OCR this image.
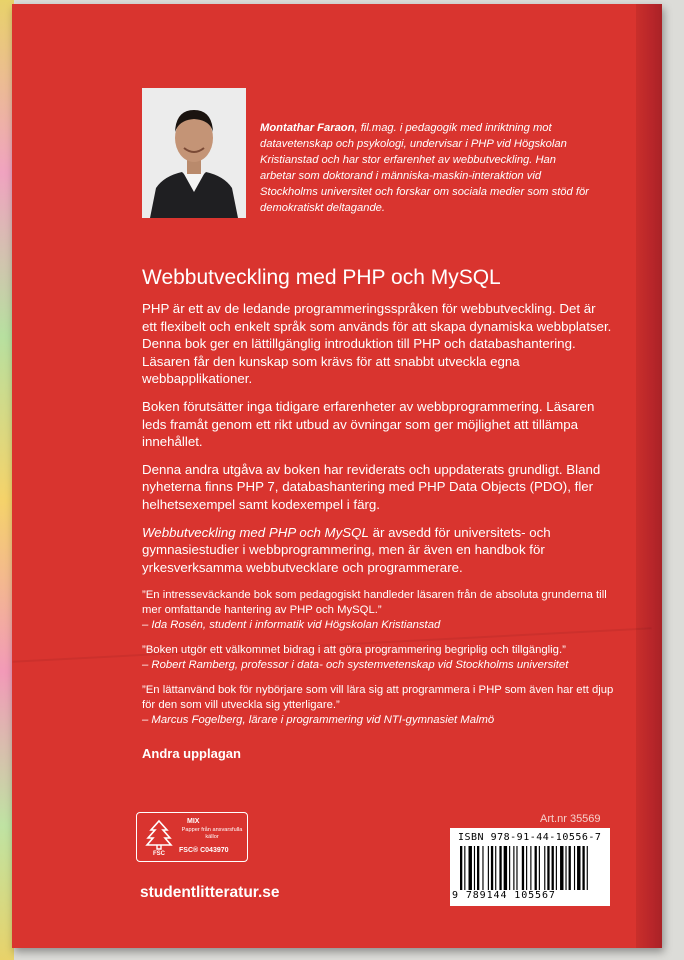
Montathar Faraon, fil.mag. i pedagogik med inriktning mot datavetenskap och psykologi, undervisar i PHP vid Högskolan Kristianstad och har stor erfarenhet av webbutveckling. Han arbetar som doktorand i människa-maskin-interaktion vid Stockholms universitet och forskar om sociala medier som stöd för demokratiskt deltagande.
Webbutveckling med PHP och MySQL

PHP är ett av de ledande programmeringsspråken för webbutveckling. Det är ett flexibelt och enkelt språk som används för att skapa dynamiska webbplatser. Denna bok ger en lättillgänglig introduktion till PHP och databashantering. Läsaren får den kunskap som krävs för att snabbt utveckla egna webbapplikationer.

Boken förutsätter inga tidigare erfarenheter av webbprogrammering. Läsaren leds framåt genom ett rikt utbud av övningar som ger möjlighet att tillämpa innehållet.

Denna andra utgåva av boken har reviderats och uppdaterats grundligt. Bland nyheterna finns PHP 7, databashantering med PHP Data Objects (PDO), fler helhetsexempel samt kodexempel i färg.

Webbutveckling med PHP och MySQL är avsedd för universitets- och gymnasiestudier i webbprogrammering, men är även en handbok för yrkesverksamma webbutvecklare och programmerare.

”En intresseväckande bok som pedagogiskt handleder läsaren från de absoluta grunderna till mer omfattande hantering av PHP och MySQL.”
– Ida Rosén, student i informatik vid Högskolan Kristianstad
”Boken utgör ett välkommet bidrag i att göra programmering begriplig och tillgänglig.”
– Robert Ramberg, professor i data- och systemvetenskap vid Stockholms universitet
”En lättanvänd bok för nybörjare som vill lära sig att programmera i PHP som även har ett djup för den som vill utveckla sig ytterligare.”
– Marcus Fogelberg, lärare i programmering vid NTI-gymnasiet Malmö
Andra upplagan
FSC
MIX
Papper från ansvarsfulla källor
FSC® C043970
studentlitteratur.se
Art.nr 35569
ISBN 978-91-44-10556-7
9 789144 105567
